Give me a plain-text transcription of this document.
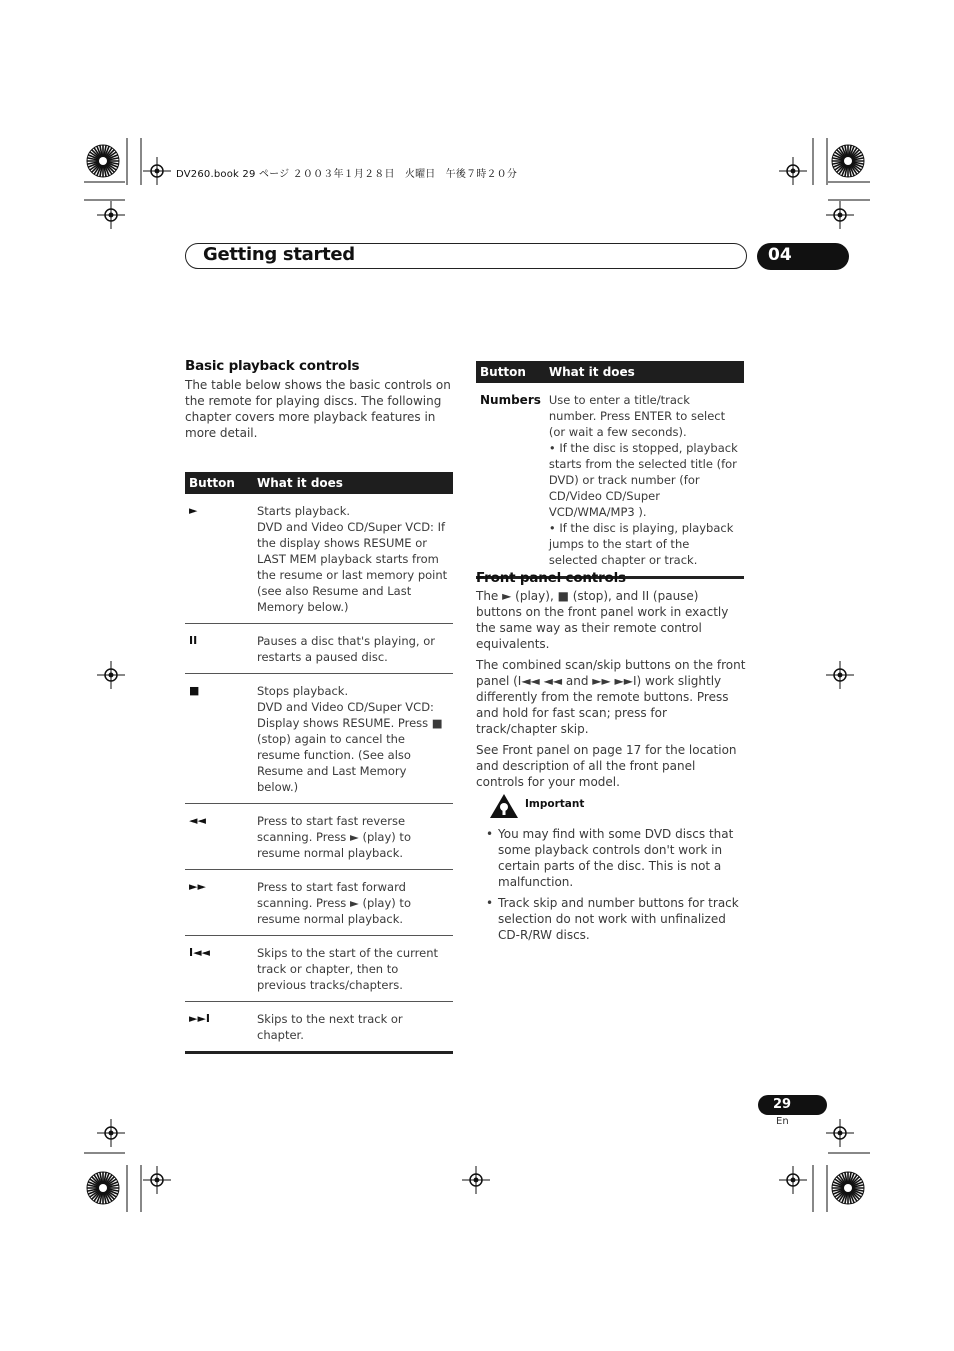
DV260.book 29 ページ ２００３年１月２８日　火曜日　午後７時２０分
Getting started	04
Basic playback controls
The table below shows the basic controls on the remote for playing discs. The following chapter covers more playback features in more detail.
Button	What it does
►	Starts playback.
DVD and Video CD/Super VCD: If the display shows RESUME or LAST MEM playback starts from the resume or last memory point (see also Resume and Last Memory below.)

II	Pauses a disc that's playing, or restarts a paused disc.

■	Stops playback.
DVD and Video CD/Super VCD: Display shows RESUME. Press ■ (stop) again to cancel the resume function. (See also Resume and Last Memory below.)

◄◄	Press to start fast reverse scanning. Press ► (play) to resume normal playback.

►►	Press to start fast forward scanning. Press ► (play) to resume normal playback.

I◄◄	Skips to the start of the current track or chapter, then to previous tracks/chapters.

►►I	Skips to the next track or chapter.
Button	What it does
Numbers	Use to enter a title/track number. Press ENTER to select (or wait a few seconds).
• If the disc is stopped, playback starts from the selected title (for DVD) or track number (for CD/Video CD/Super VCD/WMA/MP3 ).
• If the disc is playing, playback jumps to the start of the selected chapter or track.
Front panel controls

The ► (play), ■ (stop), and II (pause) buttons on the front panel work in exactly the same way as their remote control equivalents.

The combined scan/skip buttons on the front panel (I◄◄ ◄◄ and ►► ►►I) work slightly differently from the remote buttons. Press and hold for fast scan; press for track/chapter skip.

See Front panel on page 17 for the location and description of all the front panel controls for your model.

Important
• You may find with some DVD discs that some playback controls don't work in certain parts of the disc. This is not a malfunction.
• Track skip and number buttons for track selection do not work with unfinalized CD-R/RW discs.
29
En
